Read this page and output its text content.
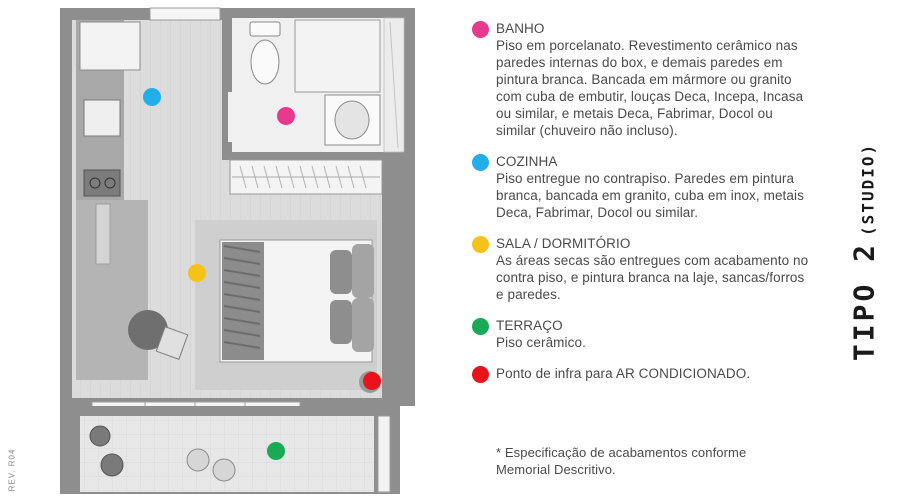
REV. R04
BANHO
Piso em porcelanato. Revestimento cerâmico nas paredes internas do box, e demais paredes em pintura branca. Bancada em mármore ou granito com cuba de embutir, louças Deca, Incepa, Incasa ou similar, e metais Deca, Fabrimar, Docol ou similar (chuveiro não incluso).
COZINHA
Piso entregue no contrapiso. Paredes em pintura branca, bancada em granito, cuba em inox, metais Deca, Fabrimar, Docol ou similar.
SALA / DORMITÓRIO
As áreas secas são entregues com acabamento no contra piso, e pintura branca na laje, sancas/forros e paredes.
TERRAÇO
Piso cerâmico.
Ponto de infra para AR CONDICIONADO.
* Especificação de acabamentos conforme Memorial Descritivo.
TIPO 2(STUDIO)
